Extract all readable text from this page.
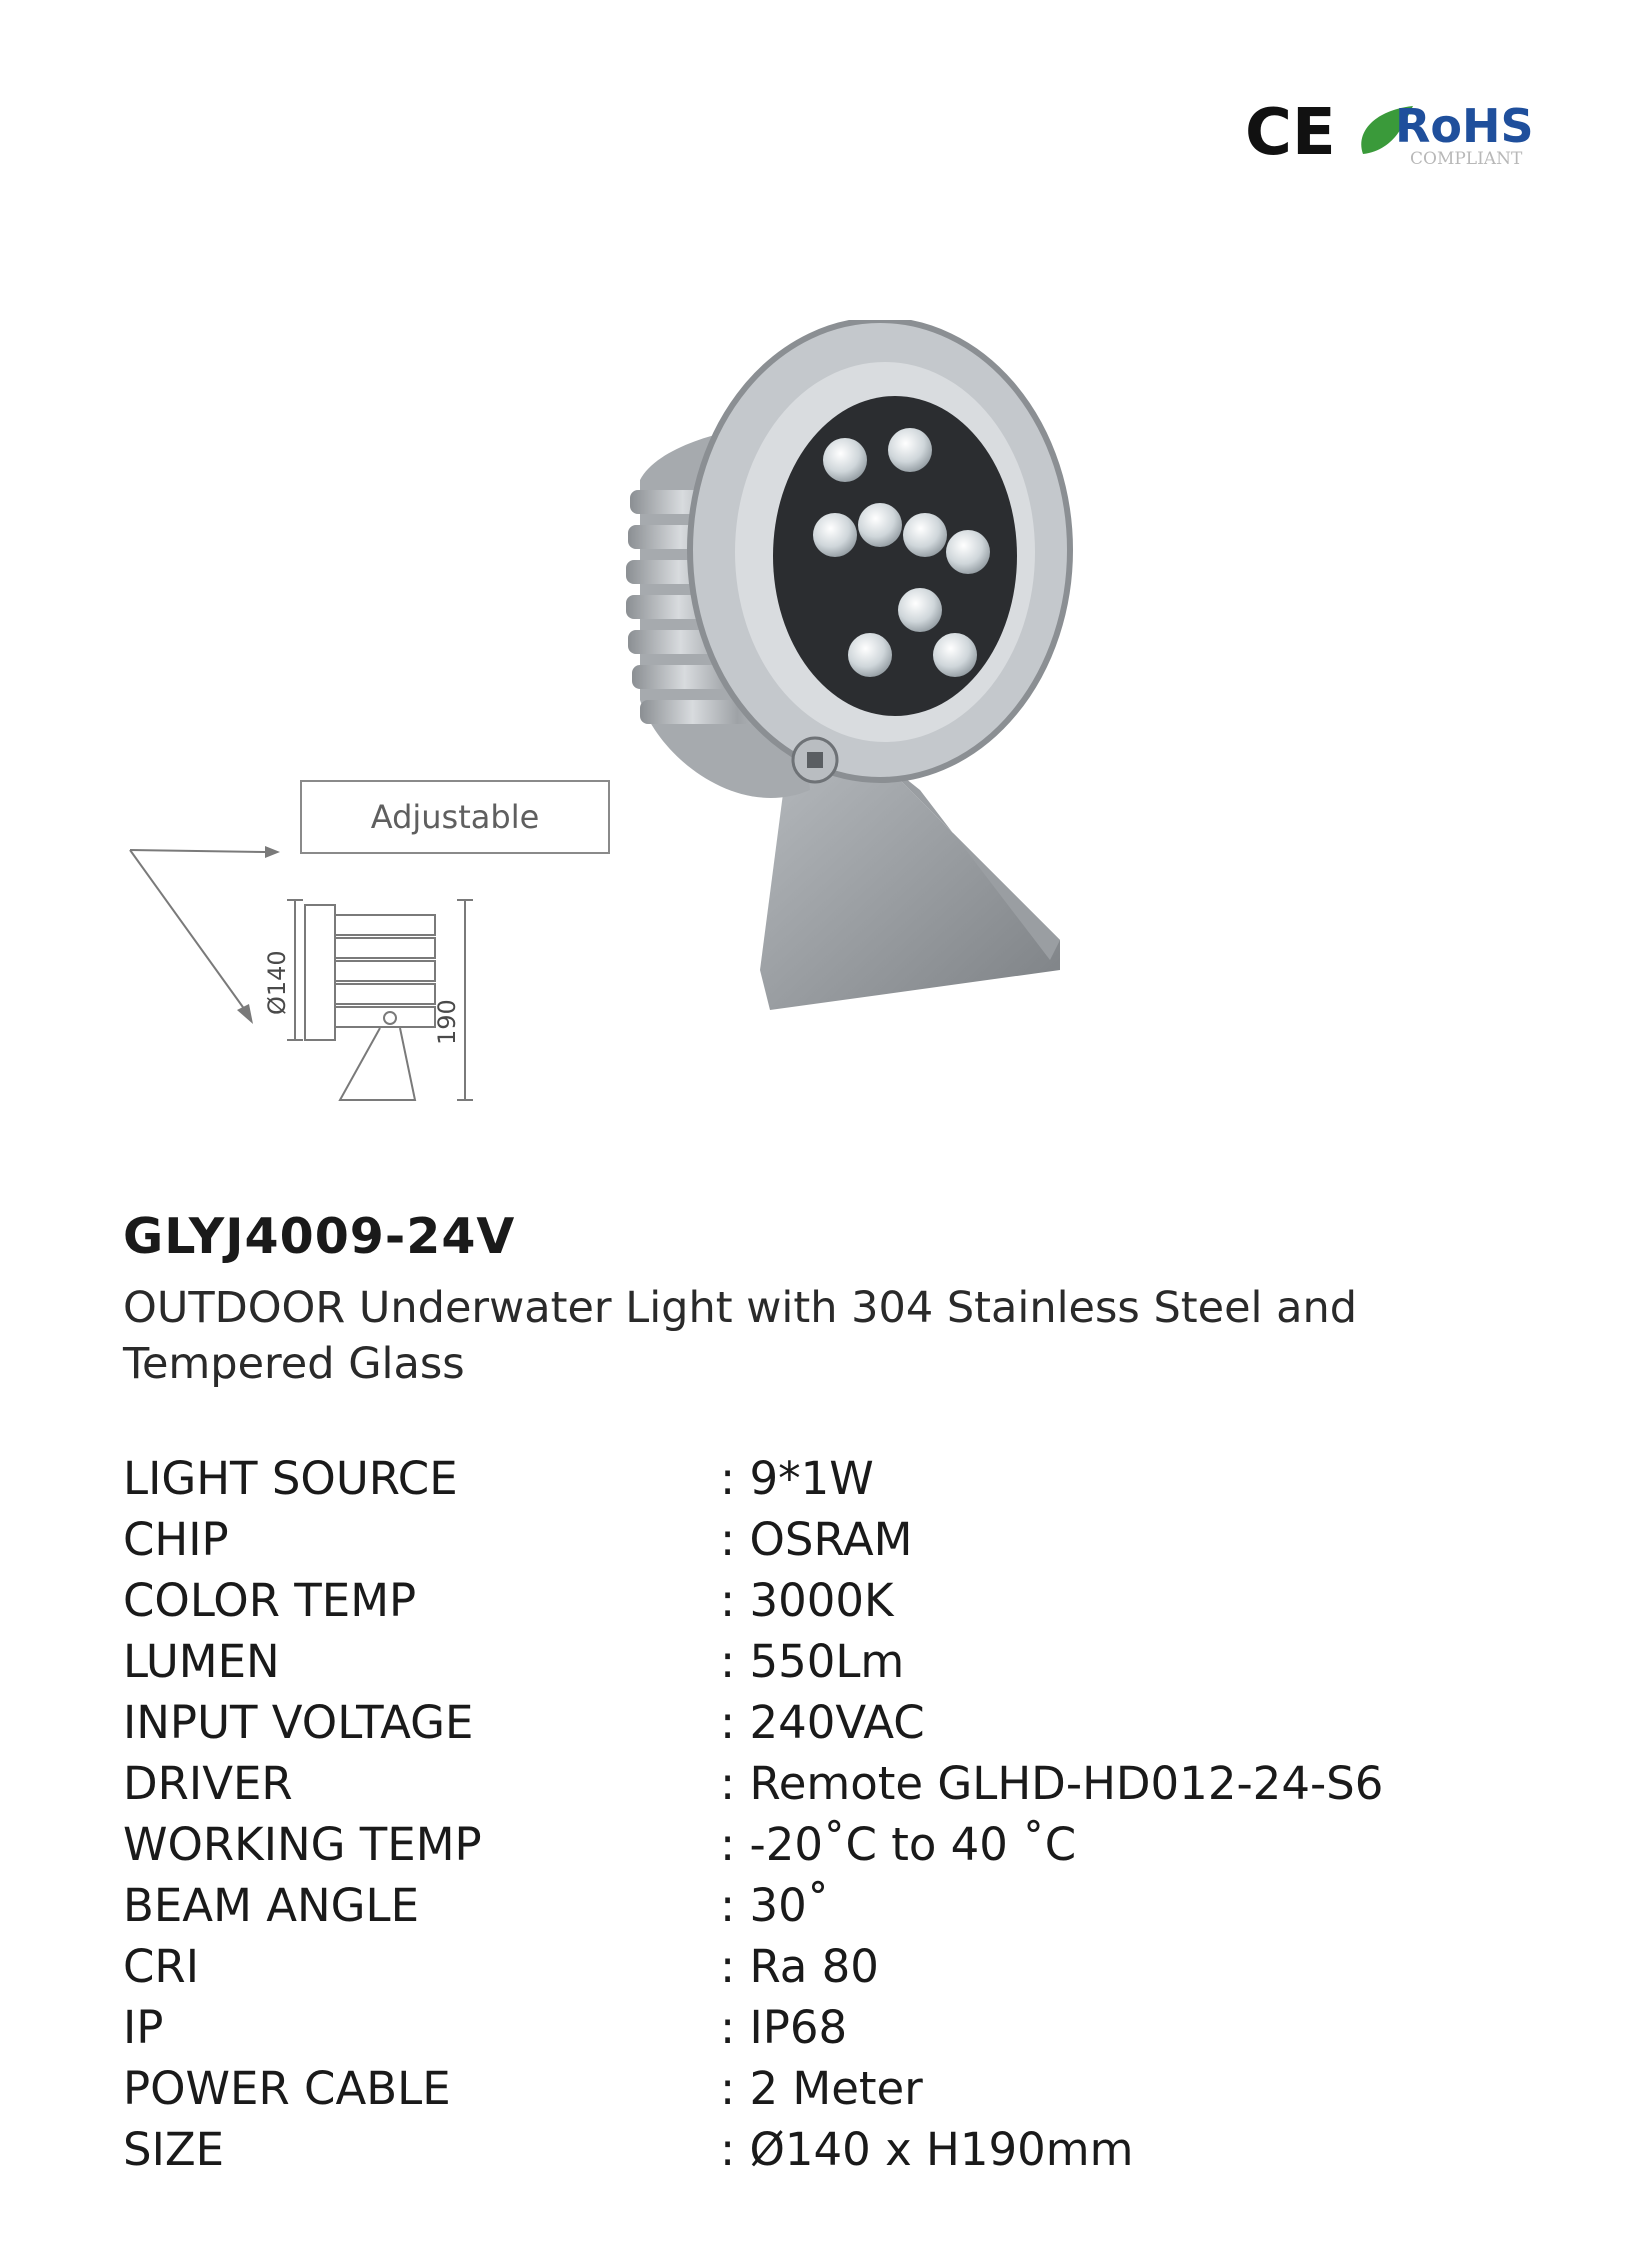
CE RoHS
COMPLIANT
Ø140
190
Adjustable
GLYJ4009-24V

OUTDOOR Underwater Light with 304 Stainless Steel and Tempered Glass

LIGHT SOURCE	: 9*1W
CHIP	: OSRAM
COLOR TEMP	: 3000K
LUMEN	: 550Lm
INPUT VOLTAGE	: 240VAC
DRIVER	: Remote GLHD-HD012-24-S6
WORKING TEMP	: -20˚C to 40 ˚C
BEAM ANGLE	: 30˚
CRI	: Ra 80
IP	: IP68
POWER CABLE	: 2 Meter
SIZE	: Ø140 x H190mm
